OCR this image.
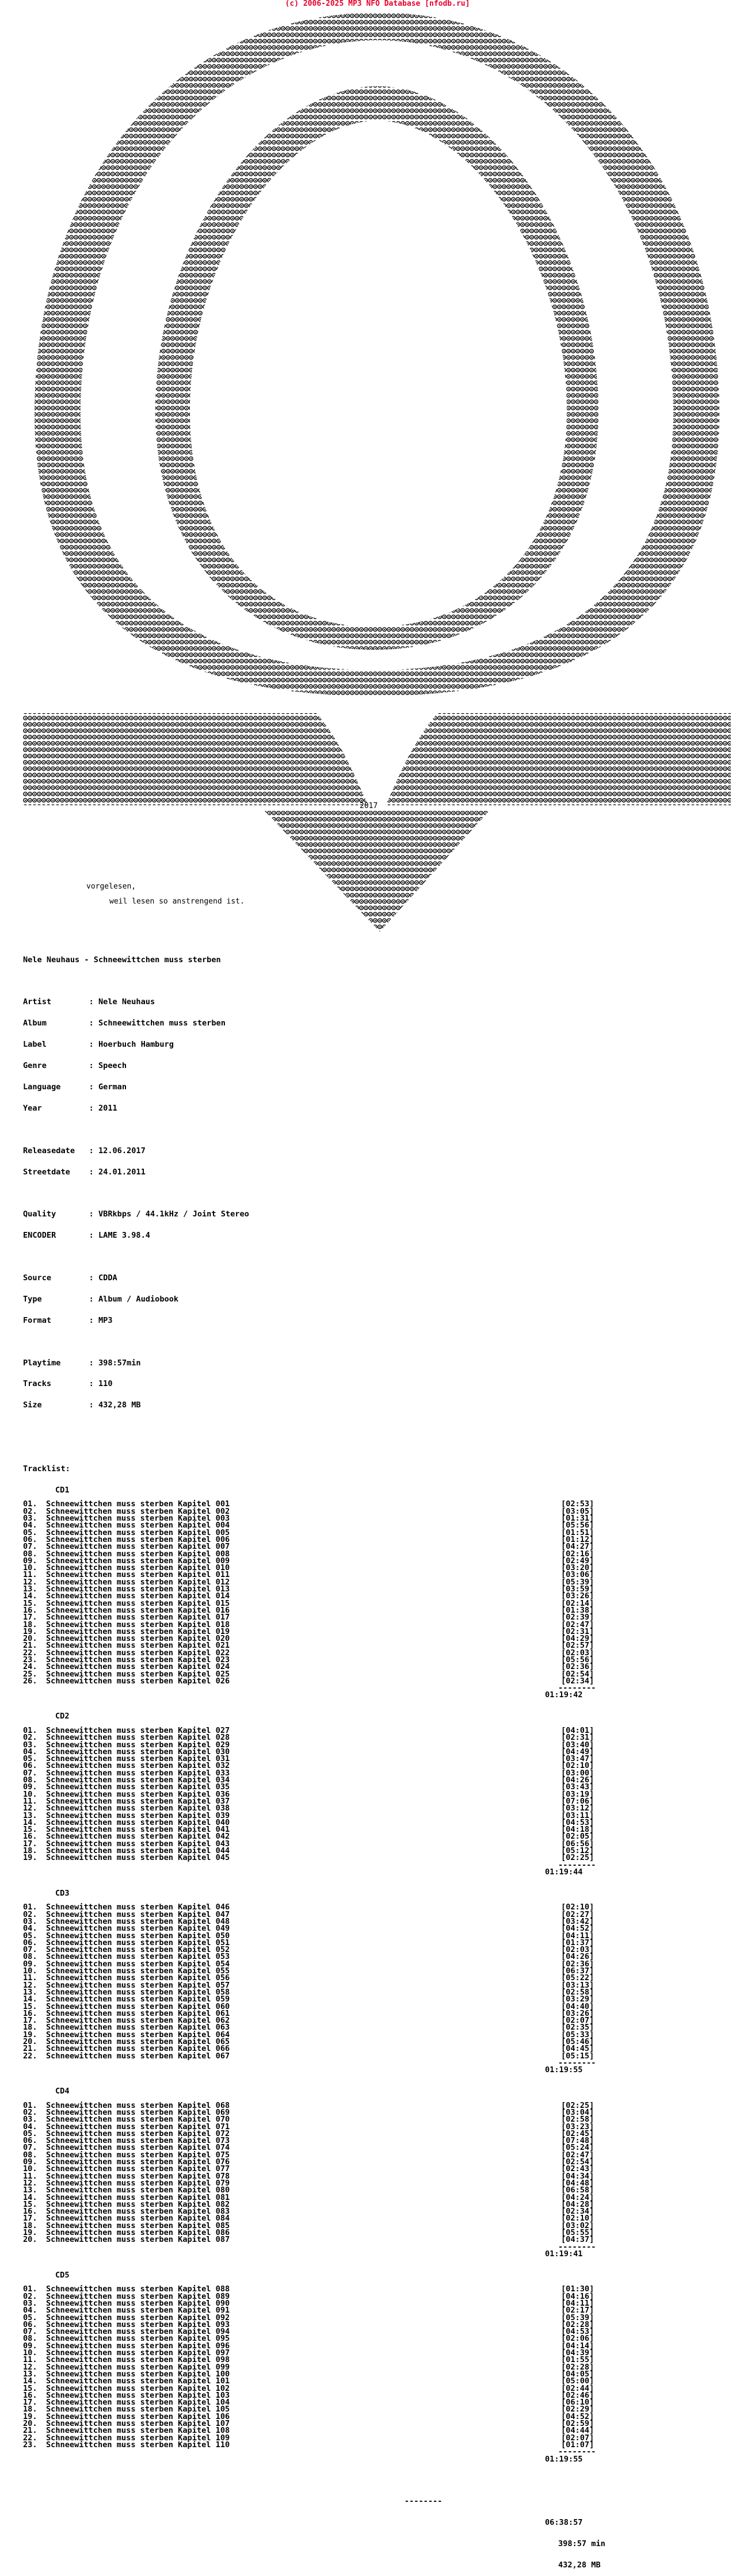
(c) 2006-2025 MP3 NFO Database [nfodb.ru]
2017
vorgelesen,
weil lesen so anstrengend ist.

Nele Neuhaus - Schneewittchen muss sterben

Artist        : Nele Neuhaus

Album         : Schneewittchen muss sterben

Label         : Hoerbuch Hamburg

Genre         : Speech

Language      : German

Year          : 2011

Releasedate   : 12.06.2017

Streetdate    : 24.01.2011

Quality       : VBRkbps / 44.1kHz / Joint Stereo

ENCODER       : LAME 3.98.4

Source        : CDDA

Type          : Album / Audiobook

Format        : MP3

Playtime      : 398:57min

Tracks        : 110

Size          : 432,28 MB

Tracklist:

CD1

01. Schneewittchen muss sterben Kapitel 001	[02:53]
02. Schneewittchen muss sterben Kapitel 002	[03:05]
03. Schneewittchen muss sterben Kapitel 003	[01:31]
04. Schneewittchen muss sterben Kapitel 004	[05:56]
05. Schneewittchen muss sterben Kapitel 005	[01:51]
06. Schneewittchen muss sterben Kapitel 006	[01:12]
07. Schneewittchen muss sterben Kapitel 007	[04:27]
08. Schneewittchen muss sterben Kapitel 008	[02:16]
09. Schneewittchen muss sterben Kapitel 009	[02:49]
10. Schneewittchen muss sterben Kapitel 010	[03:20]
11. Schneewittchen muss sterben Kapitel 011	[03:06]
12. Schneewittchen muss sterben Kapitel 012	[05:39]
13. Schneewittchen muss sterben Kapitel 013	[03:59]
14. Schneewittchen muss sterben Kapitel 014	[03:26]
15. Schneewittchen muss sterben Kapitel 015	[02:14]
16. Schneewittchen muss sterben Kapitel 016	[01:38]
17. Schneewittchen muss sterben Kapitel 017	[02:39]
18. Schneewittchen muss sterben Kapitel 018	[02:47]
19. Schneewittchen muss sterben Kapitel 019	[02:31]
20. Schneewittchen muss sterben Kapitel 020	[04:29]
21. Schneewittchen muss sterben Kapitel 021	[02:57]
22. Schneewittchen muss sterben Kapitel 022	[02:03]
23. Schneewittchen muss sterben Kapitel 023	[05:56]
24. Schneewittchen muss sterben Kapitel 024	[02:36]
25. Schneewittchen muss sterben Kapitel 025	[02:54]
26. Schneewittchen muss sterben Kapitel 026	[02:34]
--------
01:19:42

CD2

01. Schneewittchen muss sterben Kapitel 027	[04:01]
02. Schneewittchen muss sterben Kapitel 028	[02:31]
03. Schneewittchen muss sterben Kapitel 029	[03:40]
04. Schneewittchen muss sterben Kapitel 030	[04:49]
05. Schneewittchen muss sterben Kapitel 031	[03:47]
06. Schneewittchen muss sterben Kapitel 032	[02:10]
07. Schneewittchen muss sterben Kapitel 033	[03:00]
08. Schneewittchen muss sterben Kapitel 034	[04:26]
09. Schneewittchen muss sterben Kapitel 035	[03:43]
10. Schneewittchen muss sterben Kapitel 036	[03:19]
11. Schneewittchen muss sterben Kapitel 037	[07:06]
12. Schneewittchen muss sterben Kapitel 038	[03:12]
13. Schneewittchen muss sterben Kapitel 039	[03:11]
14. Schneewittchen muss sterben Kapitel 040	[04:53]
15. Schneewittchen muss sterben Kapitel 041	[04:18]
16. Schneewittchen muss sterben Kapitel 042	[02:05]
17. Schneewittchen muss sterben Kapitel 043	[06:56]
18. Schneewittchen muss sterben Kapitel 044	[05:12]
19. Schneewittchen muss sterben Kapitel 045	[02:25]
--------
01:19:44

CD3

01. Schneewittchen muss sterben Kapitel 046	[02:10]
02. Schneewittchen muss sterben Kapitel 047	[02:27]
03. Schneewittchen muss sterben Kapitel 048	[03:42]
04. Schneewittchen muss sterben Kapitel 049	[04:52]
05. Schneewittchen muss sterben Kapitel 050	[04:11]
06. Schneewittchen muss sterben Kapitel 051	[01:37]
07. Schneewittchen muss sterben Kapitel 052	[02:03]
08. Schneewittchen muss sterben Kapitel 053	[04:26]
09. Schneewittchen muss sterben Kapitel 054	[02:36]
10. Schneewittchen muss sterben Kapitel 055	[06:37]
11. Schneewittchen muss sterben Kapitel 056	[05:22]
12. Schneewittchen muss sterben Kapitel 057	[03:13]
13. Schneewittchen muss sterben Kapitel 058	[02:58]
14. Schneewittchen muss sterben Kapitel 059	[03:29]
15. Schneewittchen muss sterben Kapitel 060	[04:40]
16. Schneewittchen muss sterben Kapitel 061	[03:26]
17. Schneewittchen muss sterben Kapitel 062	[02:07]
18. Schneewittchen muss sterben Kapitel 063	[02:35]
19. Schneewittchen muss sterben Kapitel 064	[05:33]
20. Schneewittchen muss sterben Kapitel 065	[05:46]
21. Schneewittchen muss sterben Kapitel 066	[04:45]
22. Schneewittchen muss sterben Kapitel 067	[05:15]
--------
01:19:55

CD4

01. Schneewittchen muss sterben Kapitel 068	[02:25]
02. Schneewittchen muss sterben Kapitel 069	[03:04]
03. Schneewittchen muss sterben Kapitel 070	[02:58]
04. Schneewittchen muss sterben Kapitel 071	[03:23]
05. Schneewittchen muss sterben Kapitel 072	[02:45]
06. Schneewittchen muss sterben Kapitel 073	[07:48]
07. Schneewittchen muss sterben Kapitel 074	[05:24]
08. Schneewittchen muss sterben Kapitel 075	[02:47]
09. Schneewittchen muss sterben Kapitel 076	[02:54]
10. Schneewittchen muss sterben Kapitel 077	[02:43]
11. Schneewittchen muss sterben Kapitel 078	[04:34]
12. Schneewittchen muss sterben Kapitel 079	[04:48]
13. Schneewittchen muss sterben Kapitel 080	[06:58]
14. Schneewittchen muss sterben Kapitel 081	[04:24]
15. Schneewittchen muss sterben Kapitel 082	[04:28]
16. Schneewittchen muss sterben Kapitel 083	[02:34]
17. Schneewittchen muss sterben Kapitel 084	[02:10]
18. Schneewittchen muss sterben Kapitel 085	[03:02]
19. Schneewittchen muss sterben Kapitel 086	[05:55]
20. Schneewittchen muss sterben Kapitel 087	[04:37]
--------
01:19:41

CD5

01. Schneewittchen muss sterben Kapitel 088	[01:30]
02. Schneewittchen muss sterben Kapitel 089	[04:16]
03. Schneewittchen muss sterben Kapitel 090	[04:11]
04. Schneewittchen muss sterben Kapitel 091	[02:17]
05. Schneewittchen muss sterben Kapitel 092	[05:39]
06. Schneewittchen muss sterben Kapitel 093	[02:28]
07. Schneewittchen muss sterben Kapitel 094	[04:53]
08. Schneewittchen muss sterben Kapitel 095	[02:06]
09. Schneewittchen muss sterben Kapitel 096	[04:14]
10. Schneewittchen muss sterben Kapitel 097	[04:39]
11. Schneewittchen muss sterben Kapitel 098	[01:55]
12. Schneewittchen muss sterben Kapitel 099	[02:28]
13. Schneewittchen muss sterben Kapitel 100	[04:05]
14. Schneewittchen muss sterben Kapitel 101	[05:00]
15. Schneewittchen muss sterben Kapitel 102	[02:44]
16. Schneewittchen muss sterben Kapitel 103	[02:46]
17. Schneewittchen muss sterben Kapitel 104	[06:10]
18. Schneewittchen muss sterben Kapitel 105	[02:29]
19. Schneewittchen muss sterben Kapitel 106	[04:52]
20. Schneewittchen muss sterben Kapitel 107	[02:59]
21. Schneewittchen muss sterben Kapitel 108	[04:44]
22. Schneewittchen muss sterben Kapitel 109	[02:07]
23. Schneewittchen muss sterben Kapitel 110	[01:07]
--------
01:19:55

--------

06:38:57

398:57 min

432,28 MB
